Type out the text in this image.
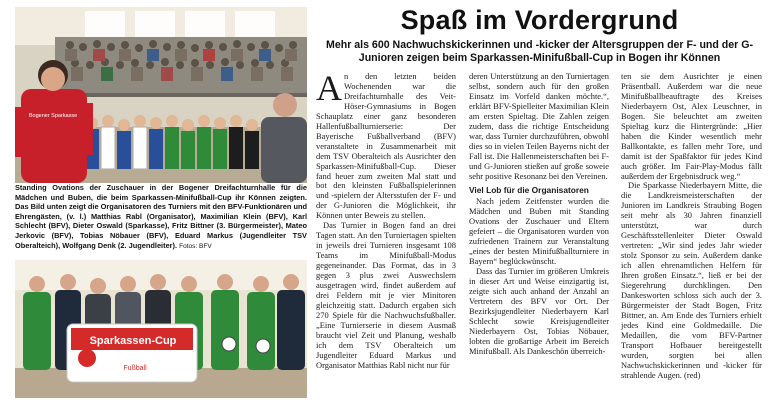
Bogener Sparkasse
Standing Ovations der Zuschauer in der Bogener Dreifachturnhalle für die Mädchen und Buben, die beim Sparkassen-Minifußball-Cup ihr Können zeigten. Das Bild unten zeigt die Organisatoren des Turniers mit den BFV-Funktionären und Ehrengästen, (v. l.) Matthias Rabl (Organisator), Maximilian Klein (BFV), Karl Schlecht (BFV), Dieter Oswald (Sparkasse), Fritz Bittner (3. Bürgermeister), Mateo Jerkovic (BFV), Tobias Nöbauer (BFV), Eduard Markus (Jugendleiter TSV Oberalteich), Wolfgang Denk (2. Jugendleiter). Fotos: BFV
Sparkassen-Cup
Fußball
Spaß im Vordergrund
Mehr als 600 Nachwuchskickerinnen und -kicker der Altersgruppen der F- und der G-Junioren zeigen beim Sparkassen-Minifußball-Cup in Bogen ihr Können

An den letzten beiden Wochenenden war die Dreifachturnhalle des Veit-Höser-Gymnasiums in Bogen Schauplatz einer ganz besonderen Hallenfußballturnierserie: Der Bayerische Fußballverband (BFV) veranstaltete in Zusammenarbeit mit dem TSV Oberalteich als Ausrichter den Sparkassen-Minifußball-Cup. Dieser fand heuer zum zweiten Mal statt und bot den kleinsten Fußballspielerinnen und -spielern der Altersstufen der F- und der G-Junioren die Möglichkeit, ihr Können unter Beweis zu stellen.

Das Turnier in Bogen fand an drei Tagen statt. An den Turniertagen spielten in jeweils drei Turnieren insgesamt 108 Teams im Minifußball-Modus gegeneinander. Das Format, das in 3 gegen 3 plus zwei Auswechslern ausgetragen wird, findet außerdem auf drei Feldern mit je vier Minitoren gleichzeitig statt. Dadurch ergaben sich 270 Spiele für die Nachwuchsfußballer. „Eine Turnierserie in diesem Ausmaß braucht viel Zeit und Planung, weshalb ich dem TSV Oberalteich um Jugendleiter Eduard Markus und Organisator Matthias Rabl nicht nur für

deren Unterstützung an den Turniertagen selbst, sondern auch für den großen Einsatz im Vorfeld danken möchte.“, erklärt BFV-Spielleiter Maximilian Klein am ersten Spieltag. Die Zahlen zeigen zudem, dass die richtige Entscheidung war, dass Turnier durchzuführen, obwohl dies so in vielen Teilen Bayerns nicht der Fall ist. Die Hallenmeisterschaften bei F- und G-Junioren stießen auf große soweie sehr positive Resonanz bei den Vereinen.

Viel Lob für die Organisatoren

Nach jedem Zeitfenster wurden die Mädchen und Buben mit Standing Ovations der Zuschauer und Eltern gefeiert – die Organisatoren wurden von zufriedenen Trainern zur Veranstaltung „eines der besten Minifußballturniere in Bayern“ beglückwünscht.

Dass das Turnier im größeren Umkreis in dieser Art und Weise einzigartig ist, zeigte sich auch anhand der Anzahl an Vertretern des BFV vor Ort. Der Bezirksjugendleiter Niederbayern Karl Schlecht sowie Kreisjugendleiter Niederbayern Ost, Tobias Nöbauer, lobten die großartige Arbeit im Bereich Minifußball. Als Dankeschön überreich-

ten sie dem Ausrichter je einen Präsentball. Außerdem war die neue Minifußballbeauftragte des Kreises Niederbayern Ost, Alex Leuschner, in Bogen. Sie beleuchtet am zweiten Spieltag kurz die Hintergründe: „Hier haben die Kinder wesentlich mehr Ballkontakte, es fallen mehr Tore, und damit ist der Spaßfaktor für jedes Kind auch größer. Im Fair-Play-Modus fällt außerdem der Ergebnisdruck weg.“

Die Sparkasse Niederbayern Mitte, die die Landkreismeisterschaften der Junioren im Landkreis Straubing Bogen seit mehr als 30 Jahren finanziell unterstützt, war durch Geschäftsstellenleiter Dieter Oswald vertreten: „Wir sind jedes Jahr wieder stolz Sponsor zu sein. Außerdem danke ich allen ehrenamtlichen Helfern für Ihren großen Einsatz.“, ließ er bei der Siegerehrung durchklingen. Den Dankesworten schloss sich auch der 3. Bürgermeister der Stadt Bogen, Fritz Bittner, an. Am Ende des Turniers erhielt jedes Kind eine Goldmedaille. Die Medaillen, die vom BFV-Partner Transport Hofbauer bereitgestellt wurden, sorgten bei allen Nachwuchskickerinnen und -kicker für strahlende Augen. (red)
